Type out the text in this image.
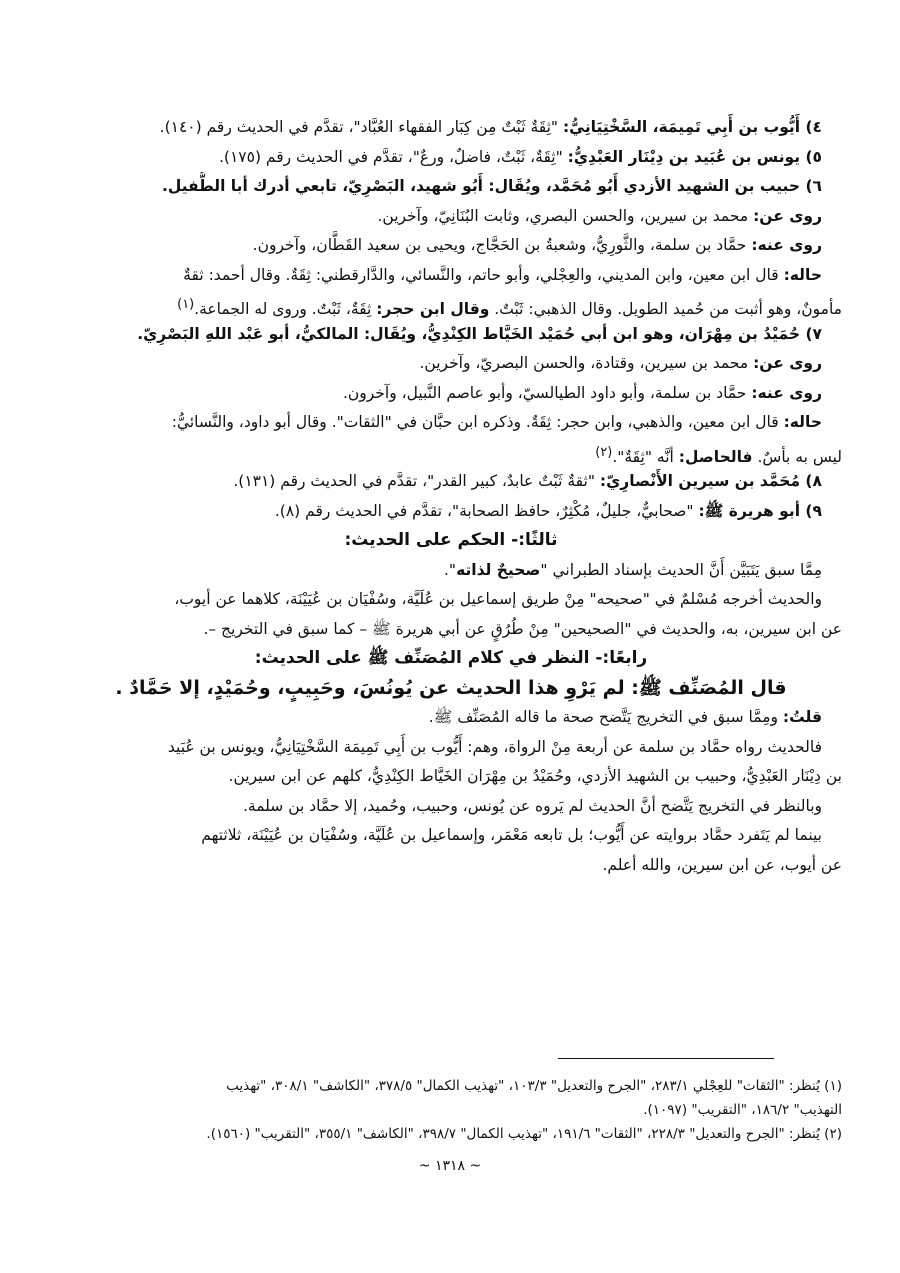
٤) أَيُّوب بن أَبِي تَمِيمَة، السَّخْتِيَانِيُّ: "ثِقَةٌ ثَبْتٌ مِن كِبَار الفقهاء العُبَّاد"، تقدَّم في الحديث رقم (١٤٠).
٥) يونس بن عُبَيد بن دِيْنَار العَبْدِيُّ: "ثِقَةٌ، ثَبْتٌ، فاضلٌ، ورعٌ"، تقدَّم في الحديث رقم (١٧٥).
٦) حبيب بن الشهيد الأزدي أَبُو مُحَمَّد، ويُقَال: أَبُو شهيد، البَصْرِيّ، تابعي أدرك أبا الطُّفيل.
روى عن: محمد بن سيرين، والحسن البصري، وثابت البُنَانِيّ، وآخرين.
روى عنه: حمَّاد بن سلمة، والثَّورِيُّ، وشعبةُ بن الحَجَّاج، ويحيى بن سعيد القَطَّان، وآخرون.
حاله: قال ابن معين، وابن المديني، والعِجْلي، وأبو حاتم، والنَّسائي، والدَّارقطني: ثِقَةٌ. وقال أحمد: ثقةٌ
مأمونٌ، وهو أثبت من حُميد الطويل. وقال الذهبي: ثَبْتٌ. وقال ابن حجر: ثِقَةٌ، ثَبْتٌ. وروى له الجماعة.$^{(١)}$
٧) حُمَيْدُ بن مِهْرَان، وهو ابن أبي حُمَيْد الخَيَّاط الكِنْدِيُّ، ويُقَال: المالكيُّ، أبو عَبْد اللهِ البَصْرِيّ.
روى عن: محمد بن سيرين، وقتادة، والحسن البصريّ، وآخرين.
روى عنه: حمَّاد بن سلمة، وأبو داود الطيالسيّ، وأبو عاصم النَّبيل، وآخرون.
حاله: قال ابن معين، والذهبي، وابن حجر: ثِقَةٌ. وذكره ابن حبَّان في "الثقات". وقال أبو داود، والنَّسائيُّ:
ليس به بأسٌ. فالحاصل: أنَّه "ثِقَةٌ".$^{(٢)}$
٨) مُحَمَّد بن سيرين الأَنْصارِيّ: "ثقةٌ ثَبْتٌ عابدٌ، كبير القدر"، تقدَّم في الحديث رقم (١٣١).
٩) أبو هريرة ﷺ: "صحابيٌّ، جليلٌ، مُكْثِرٌ، حافظ الصحابة"، تقدَّم في الحديث رقم (٨).
ثالثًا:- الحكم على الحديث:
مِمَّا سبق يَتَبَيَّن أَنَّ الحديث بإسناد الطبراني "صحيحٌ لذاته".
والحديث أخرجه مُسْلمٌ في "صحيحه" مِنْ طريق إسماعيل بن عُلَيَّة، وسُفْيَان بن عُيَيْنَة، كلاهما عن أيوب،
عن ابن سيرين، به، والحديث في "الصحيحين" مِنْ طُرُقٍ عن أبي هريرة ﷺ – كما سبق في التخريج –.
رابعًا:- النظر في كلام المُصَنِّف ﷺ على الحديث:
قال المُصَنِّف ﷺ: لم يَرْوِ هذا الحديث عن يُونُسَ، وحَبِيبٍ، وحُمَيْدٍ، إلا حَمَّادٌ .
قلتُ: ومِمَّا سبق في التخريج يَتَّضح صحة ما قاله المُصَنِّف ﷺ.
فالحديث رواه حمَّاد بن سلمة عن أربعة مِنْ الرواة، وهم: أَيُّوب بن أَبِي تَمِيمَة السَّخْتِيَانِيُّ، ويونس بن عُبَيد
بن دِيْنَار العَبْدِيُّ، وحبيب بن الشهيد الأزدي، وحُمَيْدُ بن مِهْرَان الخَيَّاط الكِنْدِيُّ، كلهم عن ابن سيرين.
وبالنظر في التخريج يَتَّضح أنَّ الحديث لم يَروه عن يُونس، وحبيب، وحُميد، إلا حمَّاد بن سلمة.
بينما لم يَتَفرد حمَّاد بروايته عن أَيُّوب؛ بل تابعه مَعْمَر، وإسماعيل بن عُلَيَّة، وسُفْيَان بن عُيَيْنَة، ثلاثتهم
عن أيوب، عن ابن سيرين، والله أعلم.
(١) يُنظر: "الثقات" للعِجْلي ٢٨٣/١، "الجرح والتعديل" ١٠٣/٣، "تهذيب الكمال" ٣٧٨/٥، "الكاشف" ٣٠٨/١، "تهذيب
التهذيب" ١٨٦/٢، "التقريب" (١٠٩٧).
(٢) يُنظر: "الجرح والتعديل" ٢٢٨/٣، "الثقات" ١٩١/٦، "تهذيب الكمال" ٣٩٨/٧، "الكاشف" ٣٥٥/١، "التقريب" (١٥٦٠).
~ ١٣١٨ ~
